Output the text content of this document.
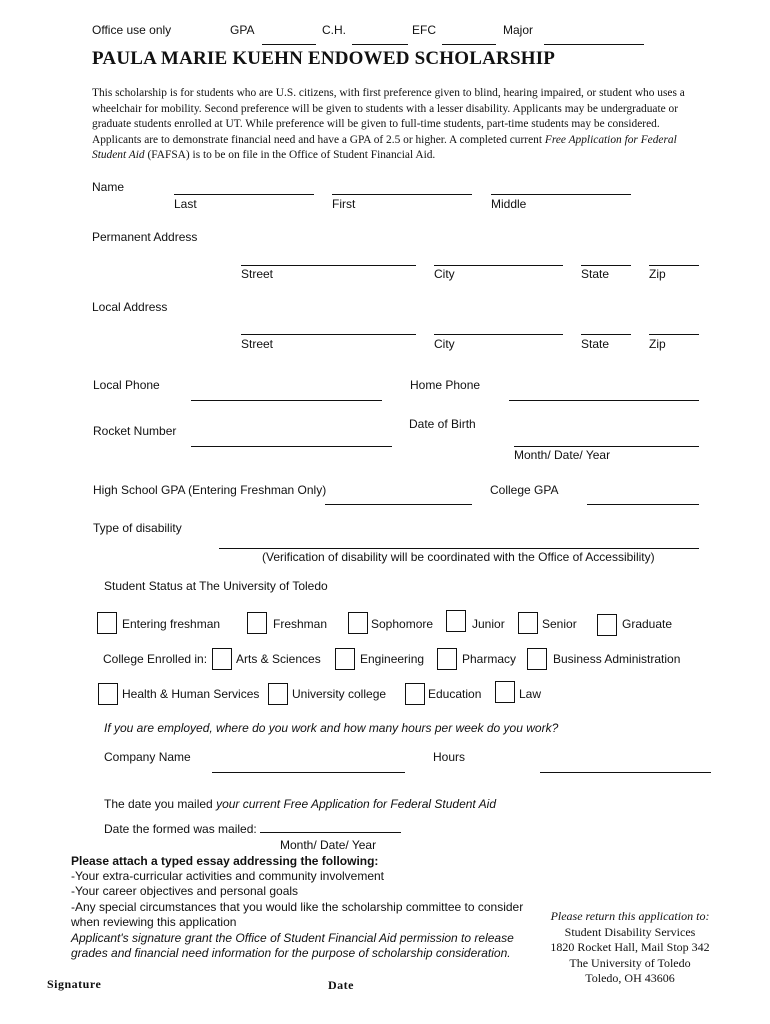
Office use only	GPA	C.H.	EFC	Major
PAULA MARIE KUEHN ENDOWED SCHOLARSHIP
This scholarship is for students who are U.S. citizens, with first preference given to blind, hearing impaired, or student who uses a wheelchair for mobility. Second preference will be given to students with a lesser disability. Applicants may be undergraduate or graduate students enrolled at UT. While preference will be given to full-time students, part-time students may be considered. Applicants are to demonstrate financial need and have a GPA of 2.5 or higher. A completed current Free Application for Federal Student Aid (FAFSA) is to be on file in the Office of Student Financial Aid.
Name
Last	First	Middle
Permanent Address
Street	City	State	Zip
Local Address
Street	City	State	Zip
Local Phone	Home Phone
Rocket Number	Date of Birth
Month/ Date/ Year
High School GPA (Entering Freshman Only)	College GPA
Type of disability
(Verification of disability will be coordinated with the Office of Accessibility)
Student Status at The University of Toledo
Entering freshman	Freshman	Sophomore	Junior	Senior	Graduate
College Enrolled in: Arts & Sciences	Engineering	Pharmacy	Business Administration
Health & Human Services	University college	Education	Law
If you are employed, where do you work and how many hours per week do you work?
Company Name	Hours
The date you mailed your current Free Application for Federal Student Aid
Date the formed was mailed:
Month/ Date/ Year
Please attach a typed essay addressing the following:
-Your extra-curricular activities and community involvement
-Your career objectives and personal goals
-Any special circumstances that you would like the scholarship committee to consider
when reviewing this application
Applicant's signature grant the Office of Student Financial Aid permission to release
grades and financial need information for the purpose of scholarship consideration.
Please return this application to:
Student Disability Services
1820 Rocket Hall, Mail Stop 342
The University of Toledo
Toledo, OH 43606
Signature	Date
